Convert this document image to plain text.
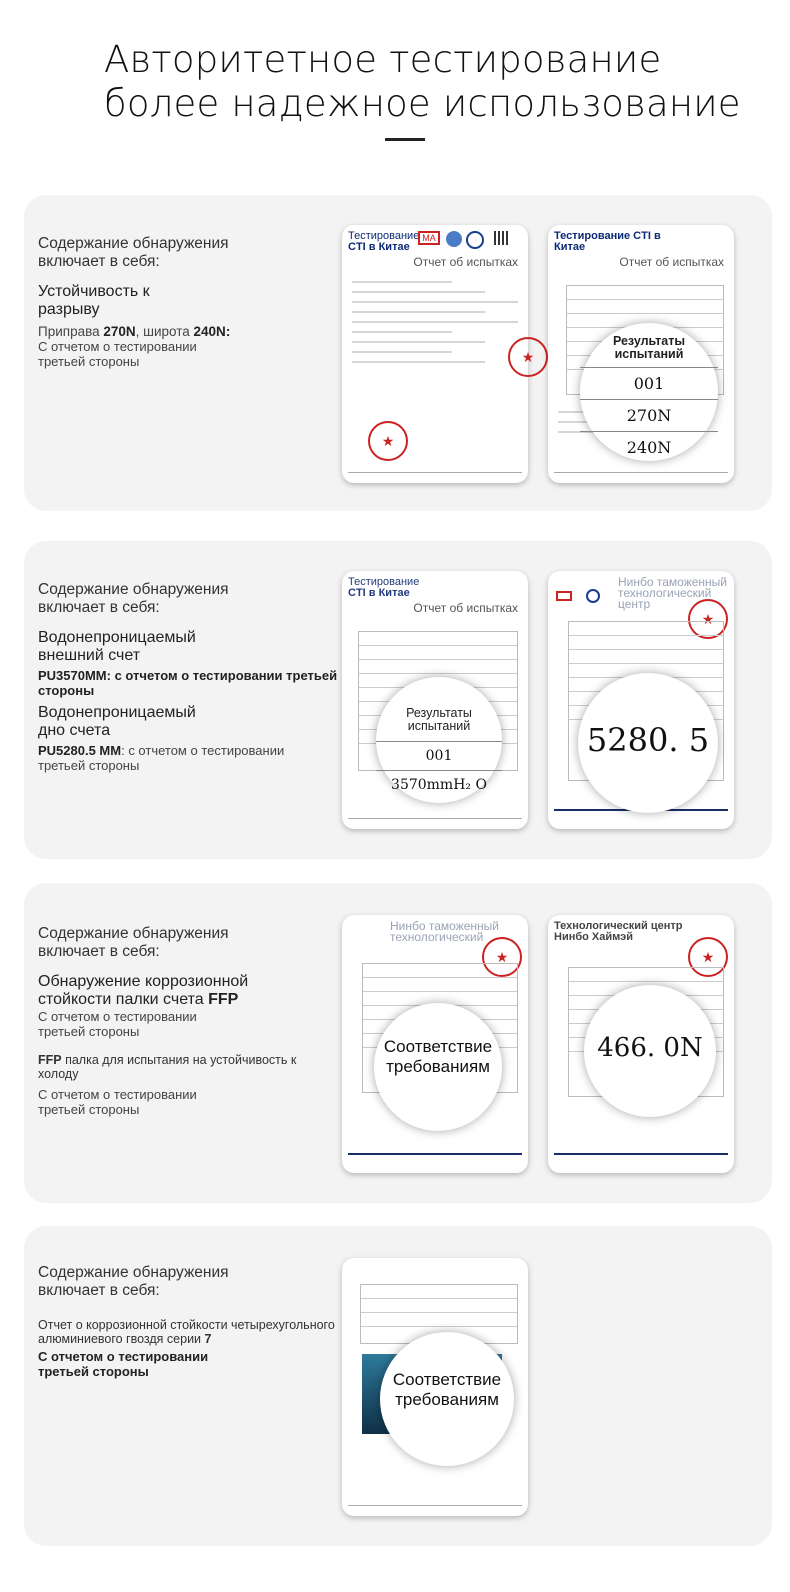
Авторитетное тестирование
более надежное использование
Содержание обнаружения
включает в себя:
Устойчивость к разрыву
Приправа 270N, широта 240N:
С отчетом о тестировании третьей стороны
Тестирование
CTI в Китае
MA
Отчет об испытках
★
★
Тестирование CTI в
Китае
Отчет об испытках
Результаты испытаний
001
270N
240N
Содержание обнаружения
включает в себя:
Водонепроницаемый внешний счет
PU3570MM: с отчетом о тестировании третьей стороны
Водонепроницаемый дно счета
PU5280.5 MM: с отчетом о тестировании третьей стороны
Тестирование
CTI в Китае
Отчет об испытках
Нинбо таможенный технологический центр
★
Результаты испытаний
001
3570mmH₂ O
5280. 5
Содержание обнаружения
включает в себя:
Обнаружение коррозионной стойкости палки счета FFP
С отчетом о тестировании третьей стороны
FFP палка для испытания на устойчивость к холоду
С отчетом о тестировании третьей стороны
Нинбо таможенный технологический
★
Технологический центр Нинбо Хаймэй
★
Соответствие требованиям
466. 0N
Содержание обнаружения
включает в себя:
Отчет о коррозионной стойкости четырехугольного алюминиевого гвоздя серии 7
С отчетом о тестировании третьей стороны	Соответствие требованиям
